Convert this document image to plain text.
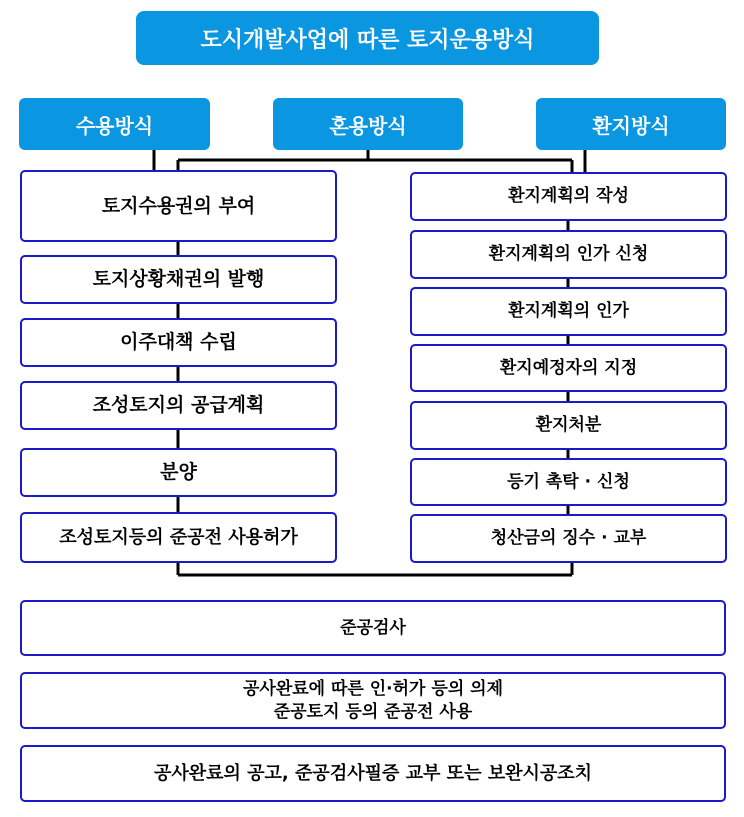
도시개발사업에 따른 토지운용방식
수용방식	혼용방식	환지방식
토지수용권의 부여
토지상황채권의 발행
이주대책 수립
조성토지의 공급계획
분양
조성토지등의 준공전 사용허가
환지계획의 작성
환지계획의 인가 신청
환지계획의 인가
환지예정자의 지정
환지처분
등기 촉탁 · 신청
청산금의 징수 · 교부
준공검사
공사완료에 따른 인·허가 등의 의제
준공토지 등의 준공전 사용
공사완료의 공고, 준공검사필증 교부 또는 보완시공조치
